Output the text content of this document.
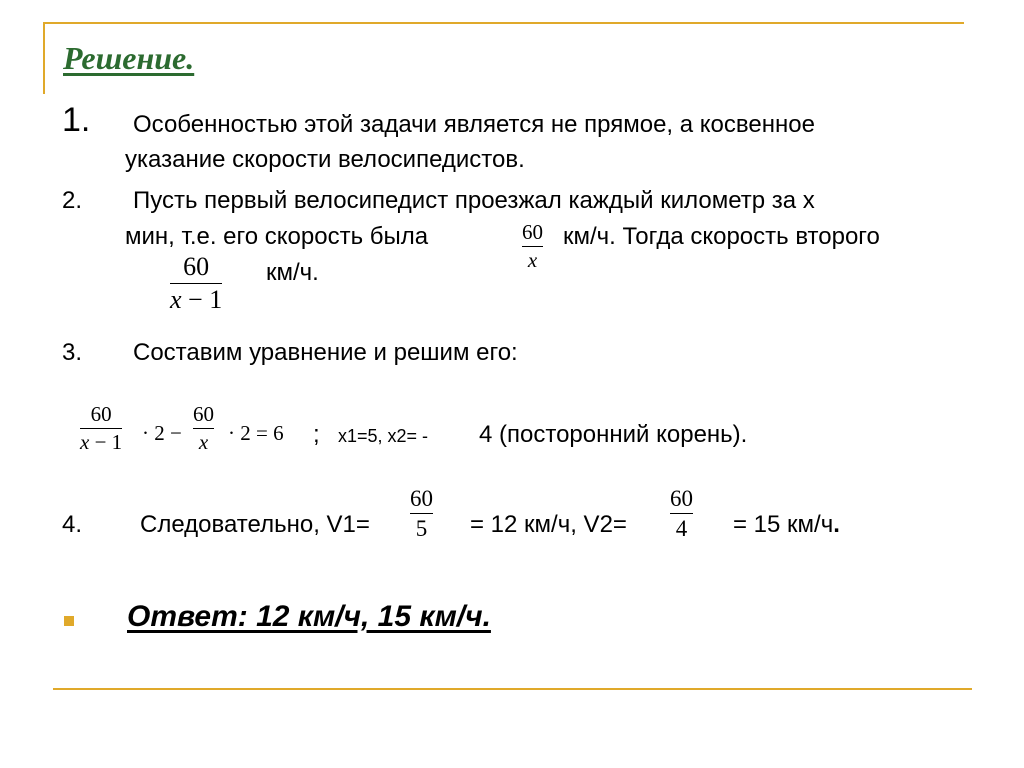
Решение.
1. Особенностью этой задачи является не прямое, а косвенное
указание скорости велосипедистов.
2. Пусть первый велосипедист проезжал каждый километр за x
мин, т.е. его скорость была	60
x
км/ч. Тогда скорость второго
60
x − 1
км/ч.
3. Составим уравнение и решим его:
60
x − 1 · 2 −
60
x · 2 = 6 ; x1=5, x2= - 4 (посторонний корень).
4. Следовательно, V1=
60
5 = 12 км/ч, V2=
60
4 = 15 км/ч.
Ответ: 12 км/ч, 15 км/ч.
